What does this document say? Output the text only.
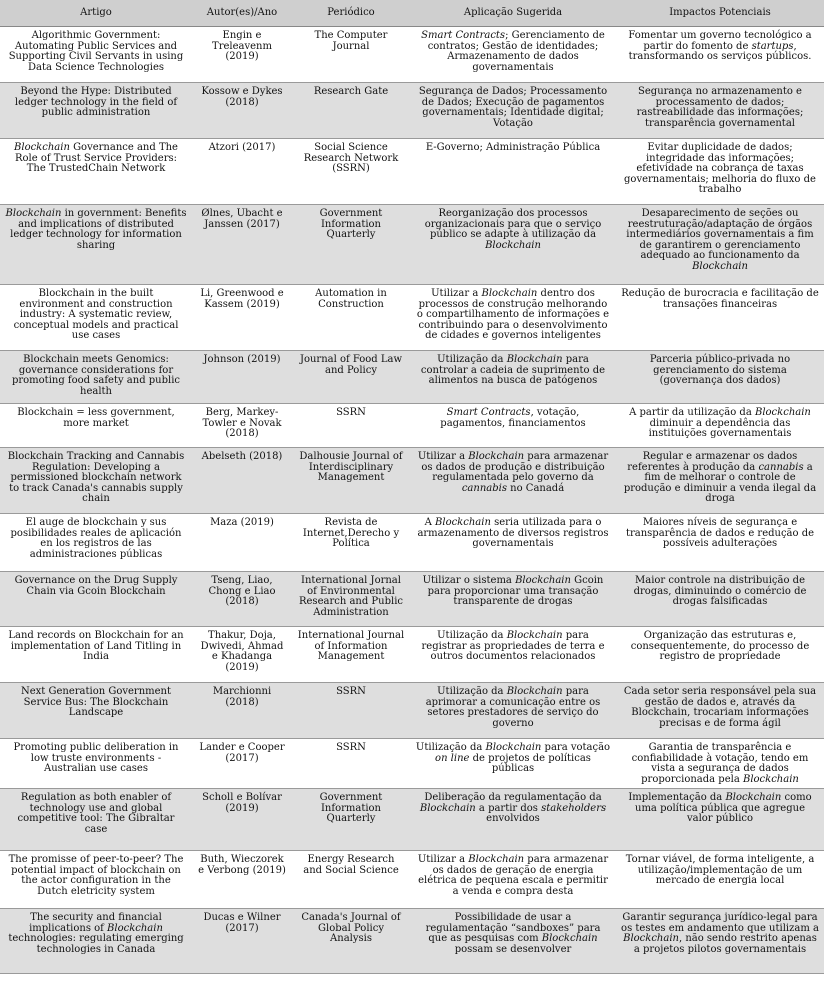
Artigo	Autor(es)/Ano	Periódico	Aplicação Sugerida	Impactos Potenciais
Algorithmic Government: Automating Public Services and Supporting Civil Servants in using Data Science Technologies	Engin e Treleavenm (2019)	The Computer Journal	Smart Contracts; Gerenciamento de contratos; Gestão de identidades; Armazenamento de dados governamentais	Fomentar um governo tecnológico a partir do fomento de startups, transformando os serviços públicos.
Beyond the Hype: Distributed ledger technology in the field of public administration	Kossow e Dykes (2018)	Research Gate	Segurança de Dados; Processamento de Dados; Execução de pagamentos governamentais; Identidade digital; Votação	Segurança no armazenamento e processamento de dados; rastreabilidade das informações; transparência governamental
Blockchain Governance and The Role of Trust Service Providers: The TrustedChain Network	Atzori (2017)	Social Science Research Network (SSRN)	E-Governo; Administração Pública	Evitar duplicidade de dados; integridade das informações; efetividade na cobrança de taxas governamentais; melhoria do fluxo de trabalho
Blockchain in government: Benefits and implications of distributed ledger technology for information sharing	Ølnes, Ubacht e Janssen (2017)	Government Information Quarterly	Reorganização dos processos organizacionais para que o serviço público se adapte à utilização da Blockchain	Desaparecimento de seções ou reestruturação/adaptação de órgãos intermediários governamentais a fim de garantirem o gerenciamento adequado ao funcionamento da Blockchain
Blockchain in the built environment and construction industry: A systematic review, conceptual models and practical use cases	Li, Greenwood e Kassem (2019)	Automation in Construction	Utilizar a Blockchain dentro dos processos de construção melhorando o compartilhamento de informações e contribuindo para o desenvolvimento de cidades e governos inteligentes	Redução de burocracia e facilitação de transações financeiras
Blockchain meets Genomics: governance considerations for promoting food safety and public health	Johnson (2019)	Journal of Food Law and Policy	Utilização da Blockchain para controlar a cadeia de suprimento de alimentos na busca de patógenos	Parceria público-privada no gerenciamento do sistema (governança dos dados)
Blockchain = less government, more market	Berg, Markey-Towler e Novak (2018)	SSRN	Smart Contracts, votação, pagamentos, financiamentos	A partir da utilização da Blockchain diminuir a dependência das instituições governamentais
Blockchain Tracking and Cannabis Regulation: Developing a permissioned blockchain network to track Canada's cannabis supply chain	Abelseth (2018)	Dalhousie Journal of Interdisciplinary Management	Utilizar a Blockchain para armazenar os dados de produção e distribuição regulamentada pelo governo da cannabis no Canadá	Regular e armazenar os dados referentes à produção da cannabis a fim de melhorar o controle de produção e diminuir a venda ilegal da droga
El auge de blockchain y sus posibilidades reales de aplicación en los registros de las administraciones públicas	Maza (2019)	Revista de Internet,Derecho y Política	A Blockchain seria utilizada para o armazenamento de diversos registros governamentais	Maiores níveis de segurança e transparência de dados e redução de possíveis adulterações
Governance on the Drug Supply Chain via Gcoin Blockchain	Tseng, Liao, Chong e Liao (2018)	International Jornal of Environmental Research and Public Administration	Utilizar o sistema Blockchain Gcoin para proporcionar uma transação transparente de drogas	Maior controle na distribuição de drogas, diminuindo o comércio de drogas falsificadas
Land records on Blockchain for an implementation of Land Titling in India	Thakur, Doja, Dwivedi, Ahmad e Khadanga (2019)	International Journal of Information Management	Utilização da Blockchain para registrar as propriedades de terra e outros documentos relacionados	Organização das estruturas e, consequentemente, do processo de registro de propriedade
Next Generation Government Service Bus: The Blockchain Landscape	Marchionni (2018)	SSRN	Utilização da Blockchain para aprimorar a comunicação entre os setores prestadores de serviço do governo	Cada setor seria responsável pela sua gestão de dados e, através da Blockchain, trocariam informações precisas e de forma ágil
Promoting public deliberation in low truste environments - Australian use cases	Lander e Cooper (2017)	SSRN	Utilização da Blockchain para votação on line de projetos de políticas públicas	Garantia de transparência e confiabilidade à votação, tendo em vista a segurança de dados proporcionada pela Blockchain
Regulation as both enabler of technology use and global competitive tool: The Gibraltar case	Scholl e Bolívar (2019)	Government Information Quarterly	Deliberação da regulamentação da Blockchain a partir dos stakeholders envolvidos	Implementação da Blockchain como uma política pública que agregue valor público
The promisse of peer-to-peer? The potential impact of blockchain on the actor configuration in the Dutch eletricity system	Buth, Wieczorek e Verbong (2019)	Energy Research and Social Science	Utilizar a Blockchain para armazenar os dados de geração de energia elétrica de pequena escala e permitir a venda e compra desta	Tornar viável, de forma inteligente, a utilização/implementação de um mercado de energia local
The security and financial implications of Blockchain technologies: regulating emerging technologies in Canada	Ducas e Wilner (2017)	Canada's Journal of Global Policy Analysis	Possibilidade de usar a regulamentação “sandboxes” para que as pesquisas com Blockchain possam se desenvolver	Garantir segurança jurídico-legal para os testes em andamento que utilizam a Blockchain, não sendo restrito apenas a projetos pilotos governamentais
